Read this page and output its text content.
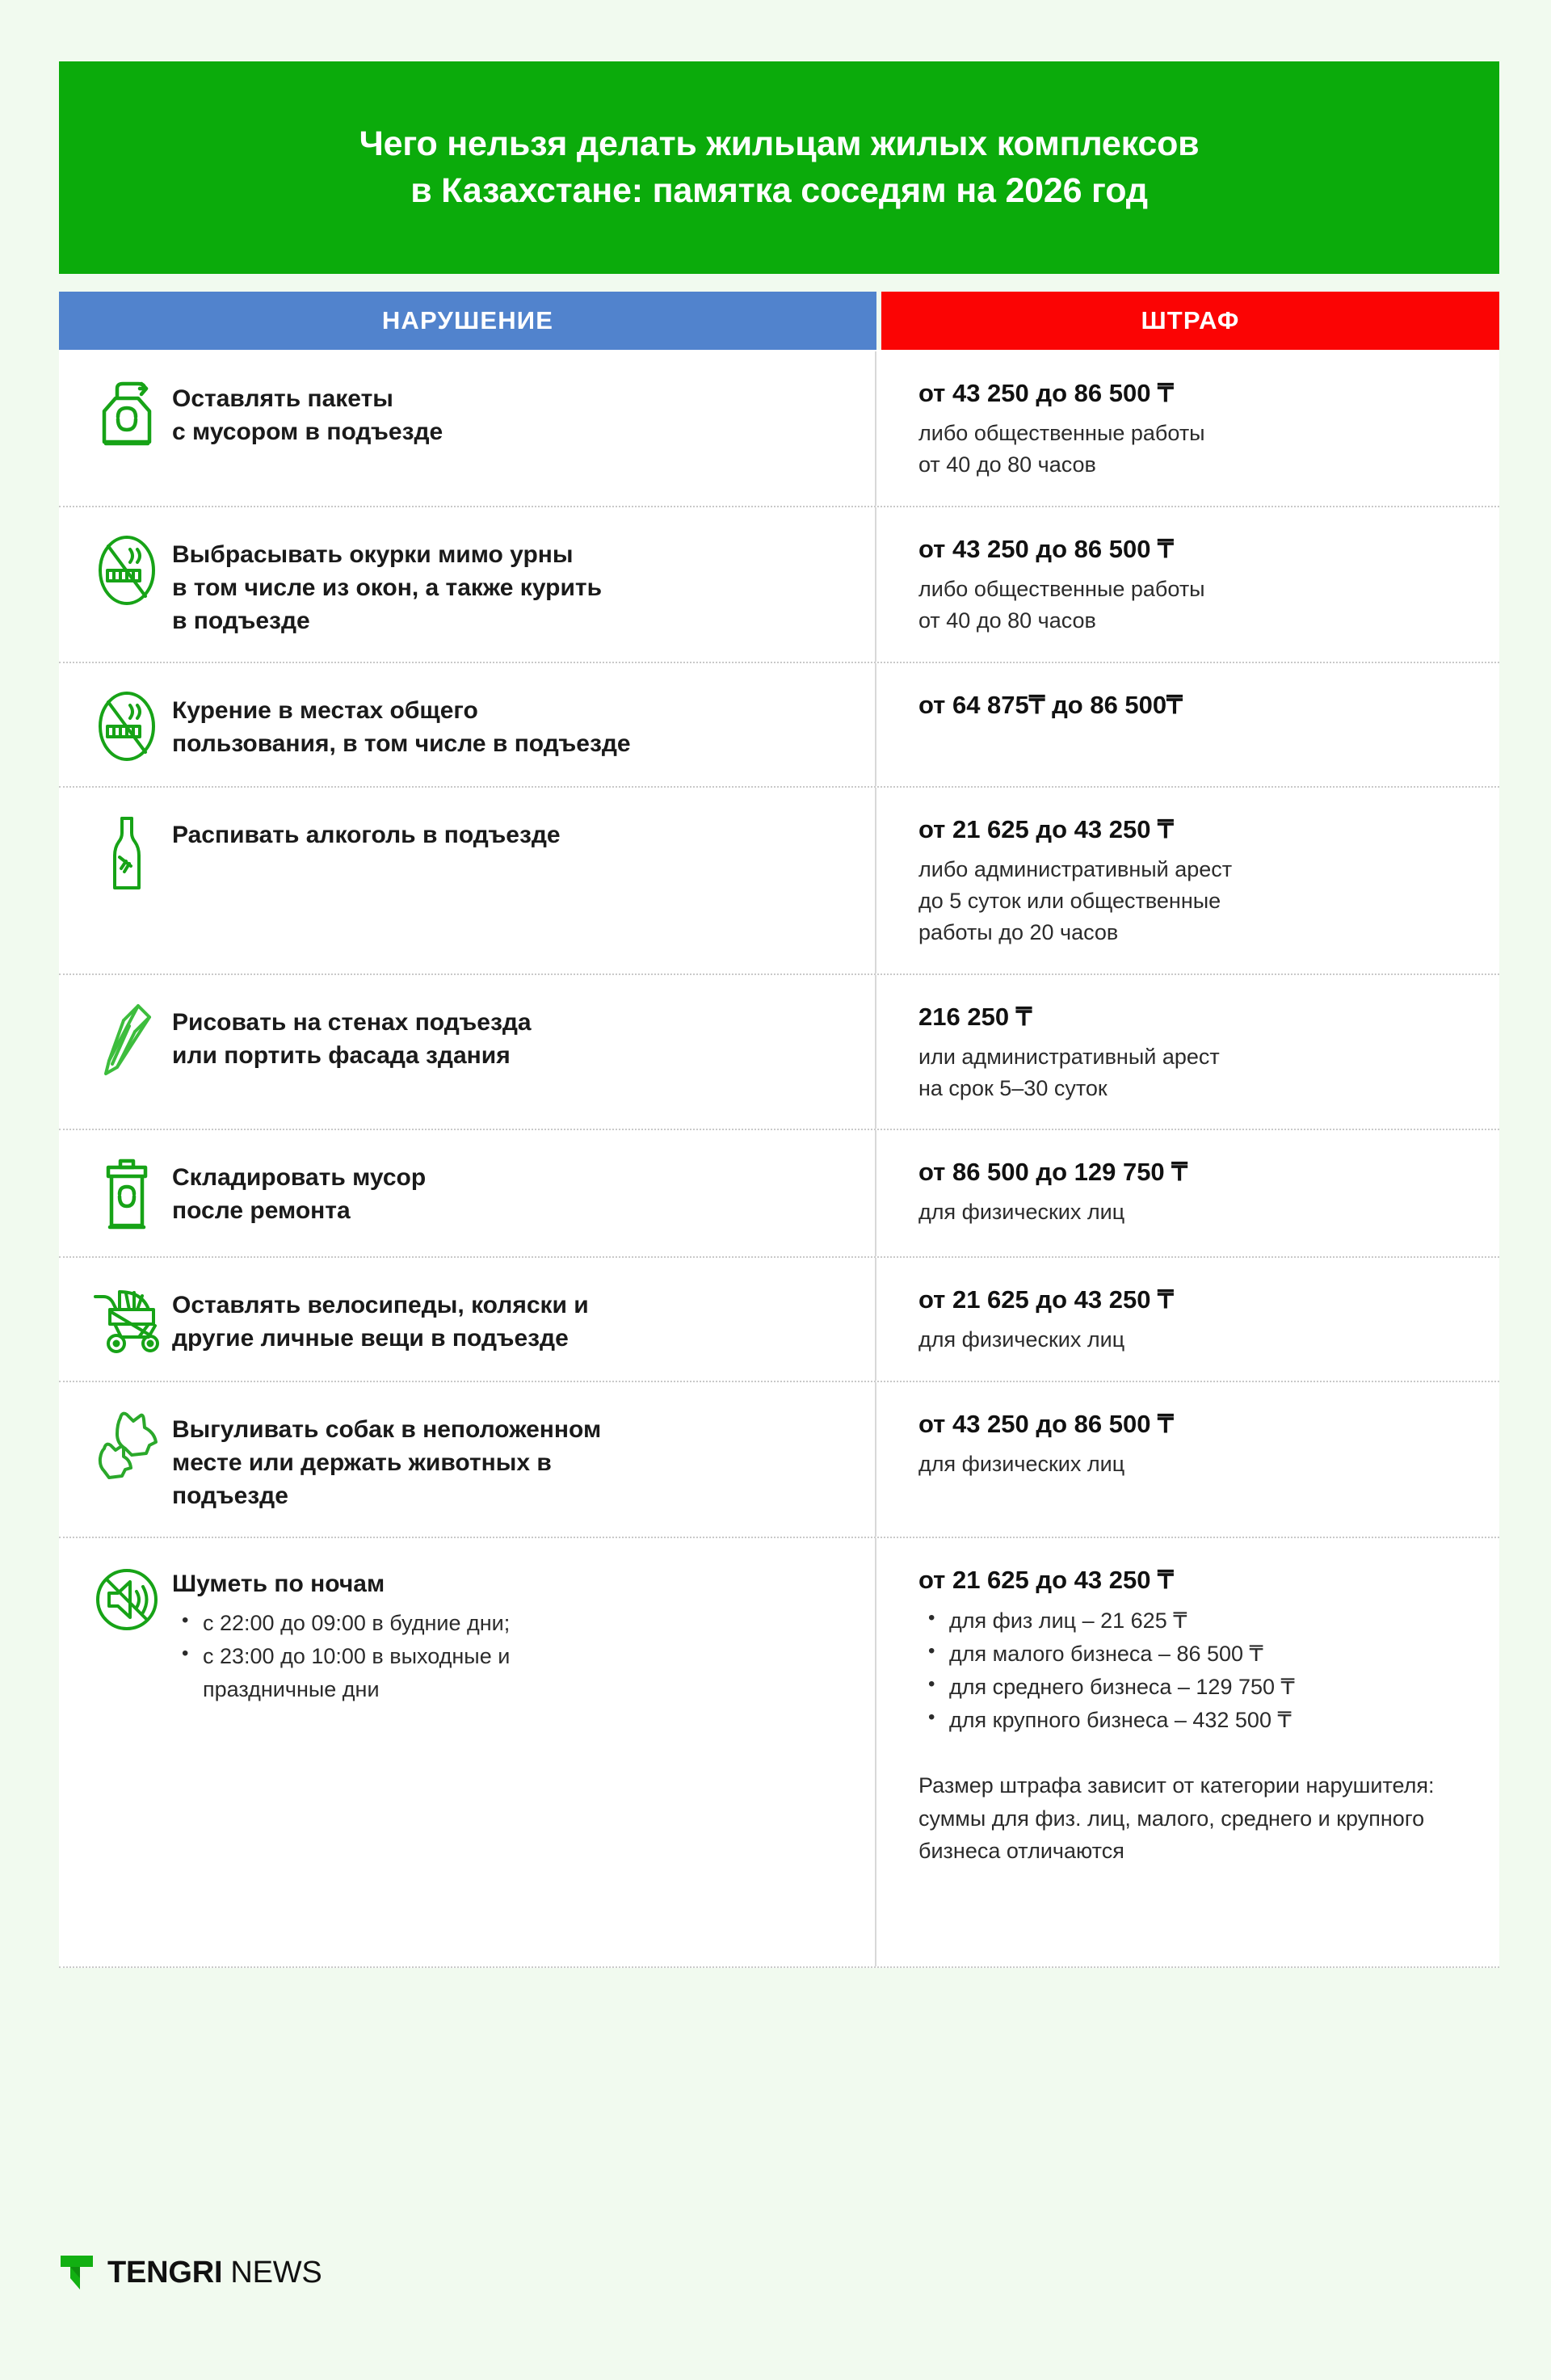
Чего нельзя делать жильцам жилых комплексов
в Казахстане: памятка соседям на 2026 год
НАРУШЕНИЕ	ШТРАФ
Оставлять пакеты
с мусором в подъезде
от 43 250 до 86 500 ₸
либо общественные работы
от 40 до 80 часов
Выбрасывать окурки мимо урны
в том числе из окон, а также курить
в подъезде
от 43 250 до 86 500 ₸
либо общественные работы
от 40 до 80 часов
Курение в местах общего
пользования, в том числе в подъезде
от 64 875₸ до 86 500₸
Распивать алкоголь в подъезде	от 21 625 до 43 250 ₸
либо административный арест
до 5 суток или общественные
работы до 20 часов
Рисовать на стенах подъезда
или портить фасада здания
216 250 ₸
или административный арест
на срок 5–30 суток
Складировать мусор
после ремонта
от 86 500 до 129 750 ₸
для физических лиц
Оставлять велосипеды, коляски и
другие личные вещи в подъезде
от 21 625 до 43 250 ₸
для физических лиц
Выгуливать собак в неположенном
месте или держать животных в
подъезде
от 43 250 до 86 500 ₸
для физических лиц
Шуметь по ночам
• с 22:00 до 09:00 в будние дни;
• с 23:00 до 10:00 в выходные и праздничные дни
от 21 625 до 43 250 ₸
• для физ лиц – 21 625 ₸
• для малого бизнеса – 86 500 ₸
• для среднего бизнеса – 129 750 ₸
• для крупного бизнеса – 432 500 ₸
Размер штрафа зависит от категории нарушителя: суммы для физ. лиц, малого, среднего и крупного бизнеса отличаются
TENGRI NEWS
